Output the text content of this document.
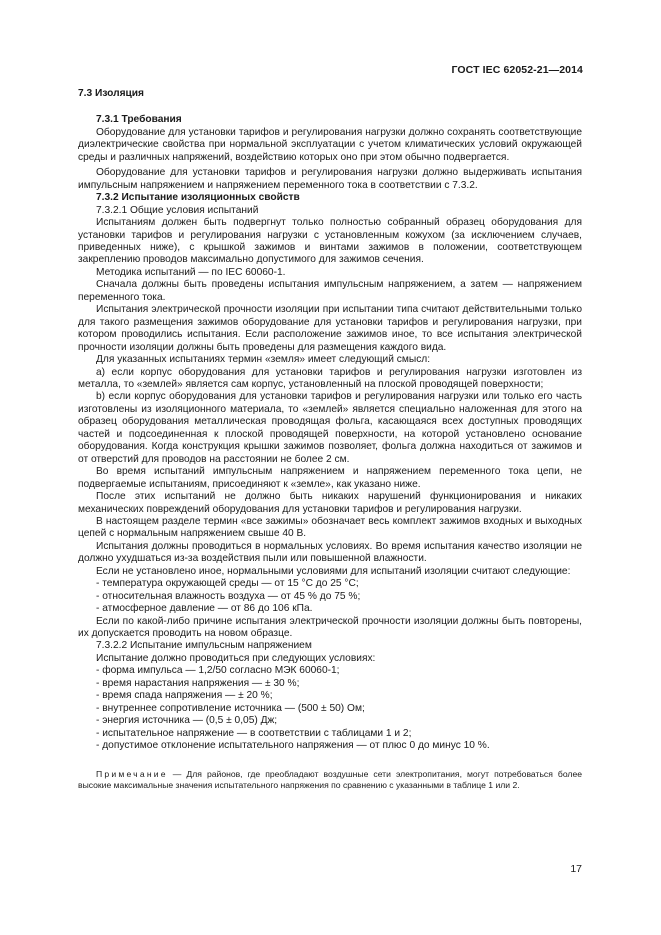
ГОСТ IEC 62052-21—2014
7.3 Изоляция
7.3.1 Требования

Оборудование для установки тарифов и регулирования нагрузки должно сохранять соответствующие диэлектрические свойства при нормальной эксплуатации с учетом климатических условий окружающей среды и различных напряжений, воздействию которых оно при этом обычно подвергается.

Оборудование для установки тарифов и регулирования нагрузки должно выдерживать испытания импульсным напряжением и напряжением переменного тока в соответствии с 7.3.2.

7.3.2 Испытание изоляционных свойств

7.3.2.1 Общие условия испытаний

Испытаниям должен быть подвергнут только полностью собранный образец оборудования для установки тарифов и регулирования нагрузки с установленным кожухом (за исключением случаев, приведенных ниже), с крышкой зажимов и винтами зажимов в положении, соответствующем закреплению проводов максимально допустимого для зажимов сечения.

Методика испытаний — по IEC 60060-1.

Сначала должны быть проведены испытания импульсным напряжением, а затем — напряжением переменного тока.

Испытания электрической прочности изоляции при испытании типа считают действительными только для такого размещения зажимов оборудование для установки тарифов и регулирования нагрузки, при котором проводились испытания. Если расположение зажимов иное, то все испытания электрической прочности изоляции должны быть проведены для размещения каждого вида.

Для указанных испытаниях термин «земля» имеет следующий смысл:

а) если корпус оборудования для установки тарифов и регулирования нагрузки изготовлен из металла, то «землей» является сам корпус, установленный на плоской проводящей поверхности;

b) если корпус оборудования для установки тарифов и регулирования нагрузки или только его часть изготовлены из изоляционного материала, то «землей» является специально наложенная для этого на образец оборудования металлическая проводящая фольга, касающаяся всех доступных проводящих частей и подсоединенная к плоской проводящей поверхности, на которой установлено основание оборудования. Когда конструкция крышки зажимов позволяет, фольга должна находиться от зажимов и от отверстий для проводов на расстоянии не более 2 см.

Во время испытаний импульсным напряжением и напряжением переменного тока цепи, не подвергаемые испытаниям, присоединяют к «земле», как указано ниже.

После этих испытаний не должно быть никаких нарушений функционирования и никаких механических повреждений оборудования для установки тарифов и регулирования нагрузки.

В настоящем разделе термин «все зажимы» обозначает весь комплект зажимов входных и выходных цепей с нормальным напряжением свыше 40 В.

Испытания должны проводиться в нормальных условиях. Во время испытания качество изоляции не должно ухудшаться из-за воздействия пыли или повышенной влажности.

Если не установлено иное, нормальными условиями для испытаний изоляции считают следующие:

- температура окружающей среды — от 15 °C до 25 °C;

- относительная влажность воздуха — от 45 % до 75 %;

- атмосферное давление — от 86 до 106 кПа.

Если по какой-либо причине испытания электрической прочности изоляции должны быть повторены, их допускается проводить на новом образце.

7.3.2.2 Испытание импульсным напряжением

Испытание должно проводиться при следующих условиях:

- форма импульса — 1,2/50 согласно МЭК 60060-1;

- время нарастания напряжения — ± 30 %;

- время спада напряжения — ± 20 %;

- внутреннее сопротивление источника — (500 ± 50) Ом;

- энергия источника — (0,5 ± 0,05) Дж;

- испытательное напряжение — в соответствии с таблицами 1 и 2;

- допустимое отклонение испытательного напряжения — от плюс 0 до минус 10 %.

Примечание — Для районов, где преобладают воздушные сети электропитания, могут потребоваться более высокие максимальные значения испытательного напряжения по сравнению с указанными в таблице 1 или 2.

17
